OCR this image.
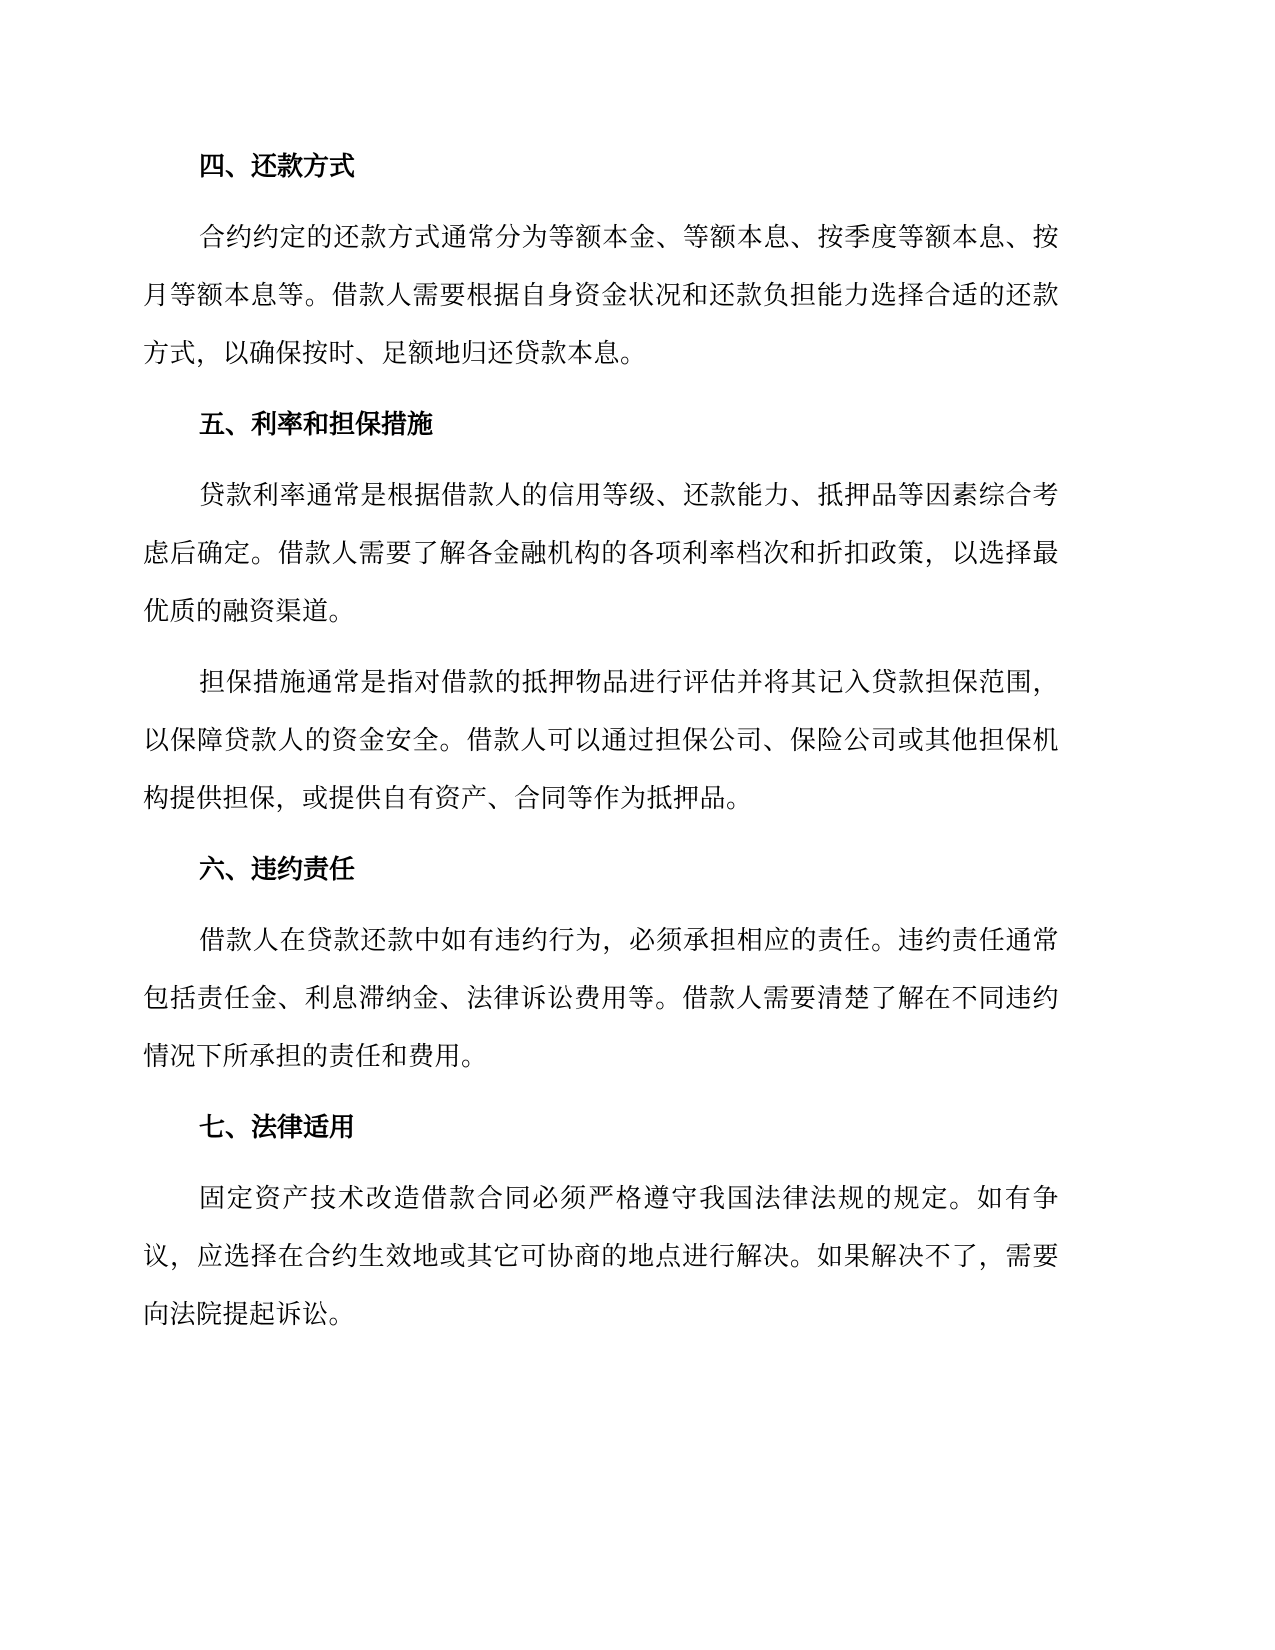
四、还款方式

合约约定的还款方式通常分为等额本金、等额本息、按季度等额本息、按月等额本息等。借款人需要根据自身资金状况和还款负担能力选择合适的还款方式，以确保按时、足额地归还贷款本息。

五、利率和担保措施

贷款利率通常是根据借款人的信用等级、还款能力、抵押品等因素综合考虑后确定。借款人需要了解各金融机构的各项利率档次和折扣政策，以选择最优质的融资渠道。

担保措施通常是指对借款的抵押物品进行评估并将其记入贷款担保范围，以保障贷款人的资金安全。借款人可以通过担保公司、保险公司或其他担保机构提供担保，或提供自有资产、合同等作为抵押品。

六、违约责任

借款人在贷款还款中如有违约行为，必须承担相应的责任。违约责任通常包括责任金、利息滞纳金、法律诉讼费用等。借款人需要清楚了解在不同违约情况下所承担的责任和费用。

七、法律适用

固定资产技术改造借款合同必须严格遵守我国法律法规的规定。如有争议，应选择在合约生效地或其它可协商的地点进行解决。如果解决不了，需要向法院提起诉讼。
